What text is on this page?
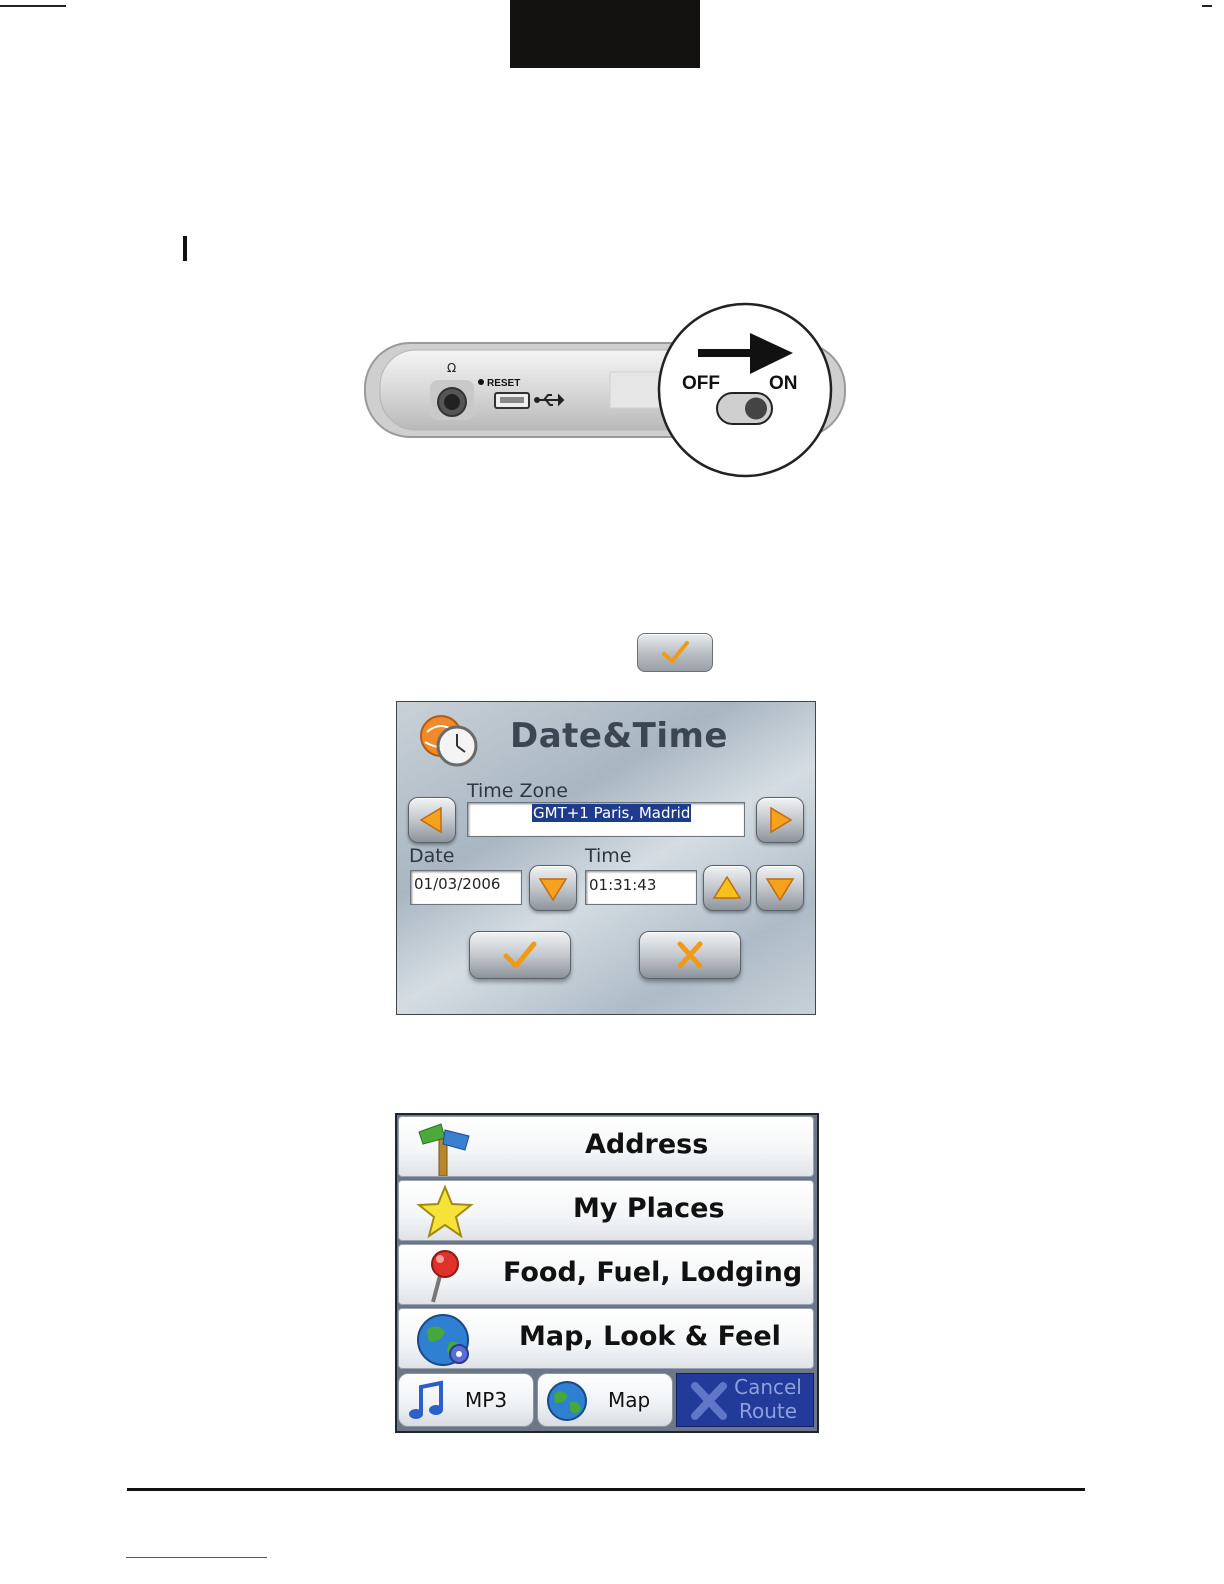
Ω
RESET	OFF	ON
Date&Time
Time Zone
GMT+1 Paris, Madrid
Date
01/03/2006
Time
01:31:43
Address
My Places
Food, Fuel, Lodging
Map, Look & Feel
MP3	Map
Cancel
Route
